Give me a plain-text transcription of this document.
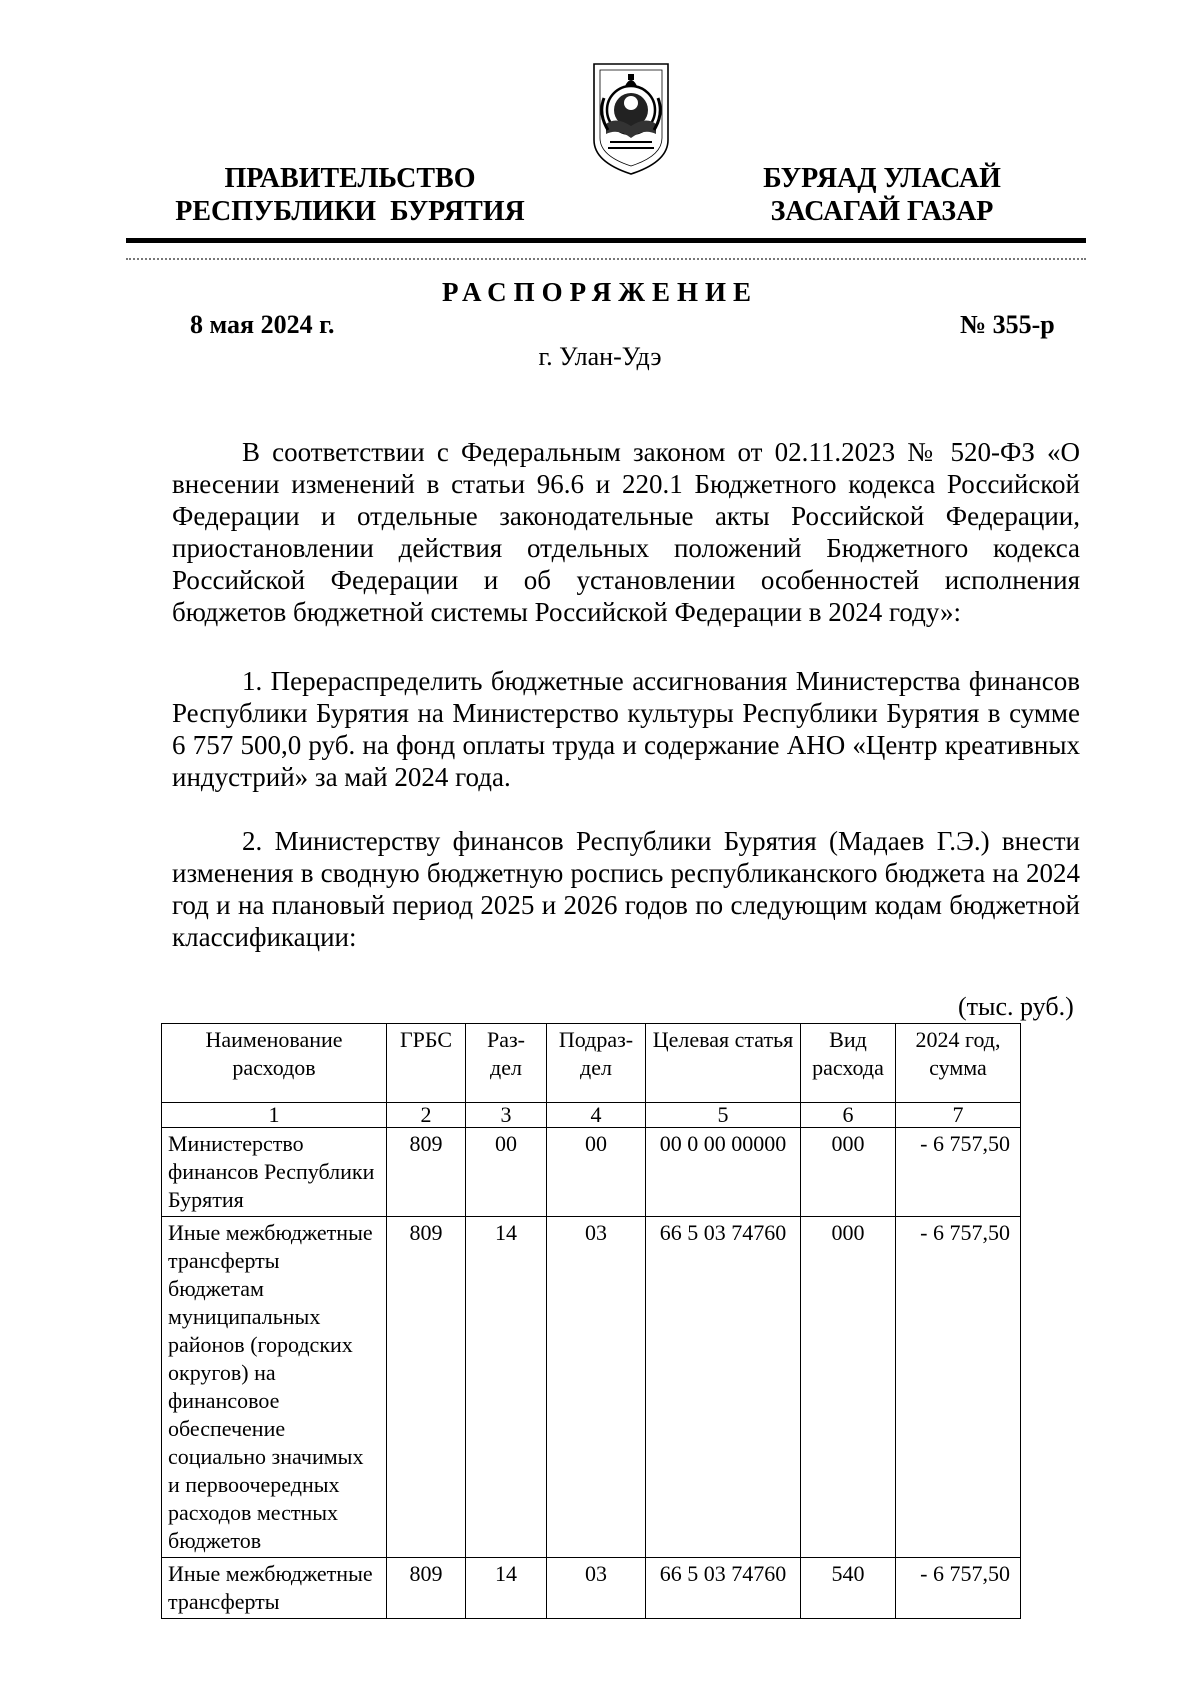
ПРАВИТЕЛЬСТВО
РЕСПУБЛИКИ  БУРЯТИЯ
БУРЯАД УЛАСАЙ
ЗАСАГАЙ ГАЗАР
РАСПОРЯЖЕНИЕ
8 мая 2024 г.	№ 355-р
г. Улан-Удэ

В соответствии с Федеральным законом от 02.11.2023 № 520-ФЗ «О внесении изменений в статьи 96.6 и 220.1 Бюджетного кодекса Российской Федерации и отдельные законодательные акты Российской Федерации, приостановлении действия отдельных положений Бюджетного кодекса Российской Федерации и об установлении особенностей исполнения бюджетов бюджетной системы Российской Федерации в 2024 году»:

1. Перераспределить бюджетные ассигнования Министерства финансов Республики Бурятия на Министерство культуры Республики Бурятия в сумме 6 757 500,0 руб. на фонд оплаты труда и содержание АНО «Центр креативных индустрий» за май 2024 года.

2. Министерству финансов Республики Бурятия (Мадаев Г.Э.) внести изменения в сводную бюджетную роспись республиканского бюджета на 2024 год и на плановый период 2025 и 2026 годов по следующим кодам бюджетной классификации:

(тыс. руб.)
Наименование расходов	ГРБС	Раз-дел	Подраз-дел	Целевая статья	Вид расхода	2024 год, сумма
1	2	3	4	5	6	7
Министерство финансов Республики Бурятия	809	00	00	00 0 00 00000	000	- 6 757,50
Иные межбюджетные трансферты бюджетам муниципальных районов (городских округов) на финансовое обеспечение социально значимых и первоочередных расходов местных бюджетов	809	14	03	66 5 03 74760	000	- 6 757,50
Иные межбюджетные трансферты	809	14	03	66 5 03 74760	540	- 6 757,50
